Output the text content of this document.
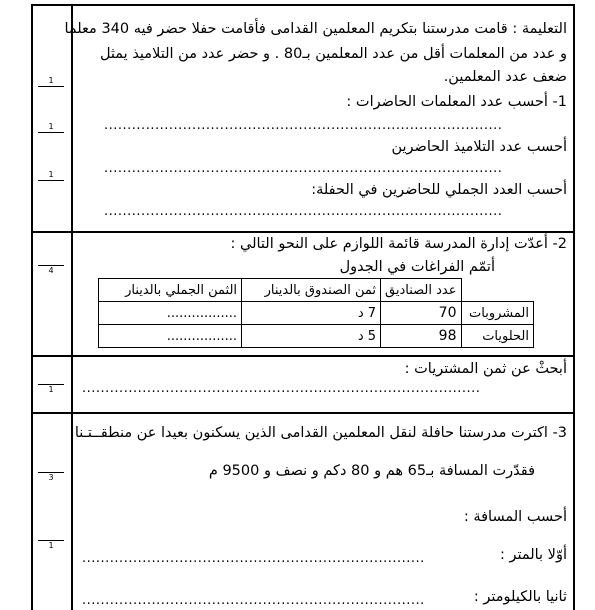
1
1
1
4
1
3
1
التعليمة : قامت مدرستنا بتكريم المعلمين القدامى فأقامت حفلا حضر فيه 340 معلما
و عدد من المعلمات أقل من عدد المعلمين بـ80 . و حضر عدد من التلاميذ يمثل
ضعف عدد المعلمين.
1- أحسب عدد المعلمات الحاضرات :
......................................................................................
أحسب عدد التلاميذ الحاضرين
......................................................................................
أحسب العدد الجملي للحاضرين في الحفلة:
......................................................................................
2- أعدّت إدارة المدرسة قائمة اللوازم على النحو التالي :
أتمّم الفراغات في الجدول
	عدد الصناديق	ثمن الصندوق بالدينار	الثمن الجملي بالدينار
المشروبات	70	7 د	.................
الحلويات	98	5 د	.................
أبحثْ عن ثمن المشتريات :
......................................................................................
3- اكترت مدرستنا حافلة لنقل المعلمين القدامى الذين يسكنون بعيدا عن منطقــتـنا
فقدّرت المسافة بـ65 هم و 80 دكم و نصف و 9500 م
أحسب المسافة :
أوّلا بالمتر :
..........................................................................
ثانيا بالكيلومتر :
..........................................................................
